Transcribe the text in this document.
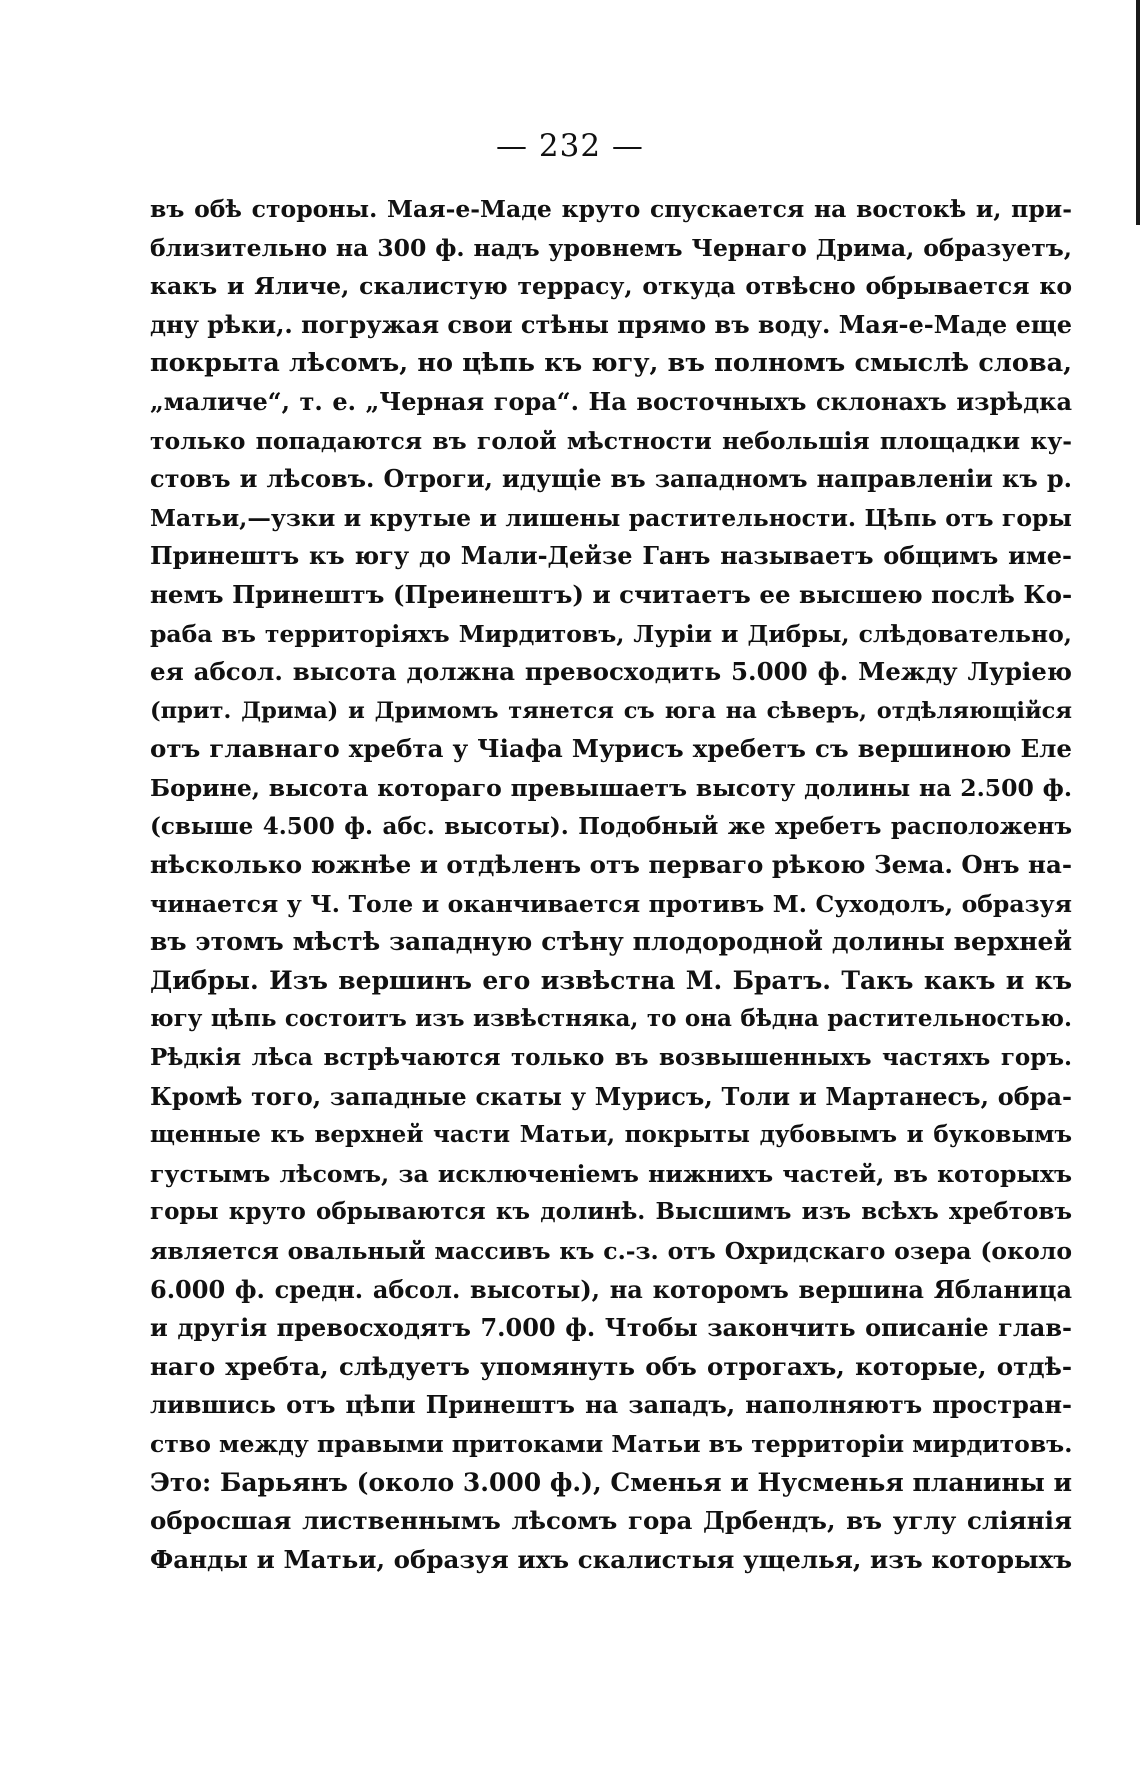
— 232 —
въ обѣ стороны. Мая-е-Маде круто спускается на востокѣ и, при-
близительно на 300 ф. надъ уровнемъ Чернаго Дрима, образуетъ,
какъ и Яличе, скалистую террасу, откуда отвѣсно обрывается ко
дну рѣки,. погружая свои стѣны прямо въ воду. Мая-е-Маде еще
покрыта лѣсомъ, но цѣпь къ югу, въ полномъ смыслѣ слова,
„маличе“, т. е. „Черная гора“. На восточныхъ склонахъ изрѣдка
только попадаются въ голой мѣстности небольшія площадки ку-
стовъ и лѣсовъ. Отроги, идущіе въ западномъ направленіи къ р.
Матьи,—узки и крутые и лишены растительности. Цѣпь отъ горы
Принештъ къ югу до Мали-Дейзе Ганъ называетъ общимъ име-
немъ Принештъ (Преинештъ) и считаетъ ее высшею послѣ Ко-
раба въ территоріяхъ Мирдитовъ, Луріи и Дибры, слѣдовательно,
ея абсол. высота должна превосходить 5.000 ф. Между Луріею
(прит. Дрима) и Дримомъ тянется съ юга на сѣверъ, отдѣляющійся
отъ главнаго хребта у Чіафа Мурисъ хребетъ съ вершиною Еле
Борине, высота котораго превышаетъ высоту долины на 2.500 ф.
(свыше 4.500 ф. абс. высоты). Подобный же хребетъ расположенъ
нѣсколько южнѣе и отдѣленъ отъ перваго рѣкою Зема. Онъ на-
чинается у Ч. Толе и оканчивается противъ М. Суходолъ, образуя
въ этомъ мѣстѣ западную стѣну плодородной долины верхней
Дибры. Изъ вершинъ его извѣстна М. Братъ. Такъ какъ и къ
югу цѣпь состоитъ изъ извѣстняка, то она бѣдна растительностью.
Рѣдкія лѣса встрѣчаются только въ возвышенныхъ частяхъ горъ.
Кромѣ того, западные скаты у Мурисъ, Толи и Мартанесъ, обра-
щенные къ верхней части Матьи, покрыты дубовымъ и буковымъ
густымъ лѣсомъ, за исключеніемъ нижнихъ частей, въ которыхъ
горы круто обрываются къ долинѣ. Высшимъ изъ всѣхъ хребтовъ
является овальный массивъ къ с.-з. отъ Охридскаго озера (около
6.000 ф. средн. абсол. высоты), на которомъ вершина Ябланица
и другія превосходятъ 7.000 ф. Чтобы закончить описаніе глав-
наго хребта, слѣдуетъ упомянуть объ отрогахъ, которые, отдѣ-
лившись отъ цѣпи Принештъ на западъ, наполняютъ простран-
ство между правыми притоками Матьи въ территоріи мирдитовъ.
Это: Барьянъ (около 3.000 ф.), Сменья и Нусменья планины и
обросшая лиственнымъ лѣсомъ гора Дрбендъ, въ углу сліянія
Фанды и Матьи, образуя ихъ скалистыя ущелья, изъ которыхъ
